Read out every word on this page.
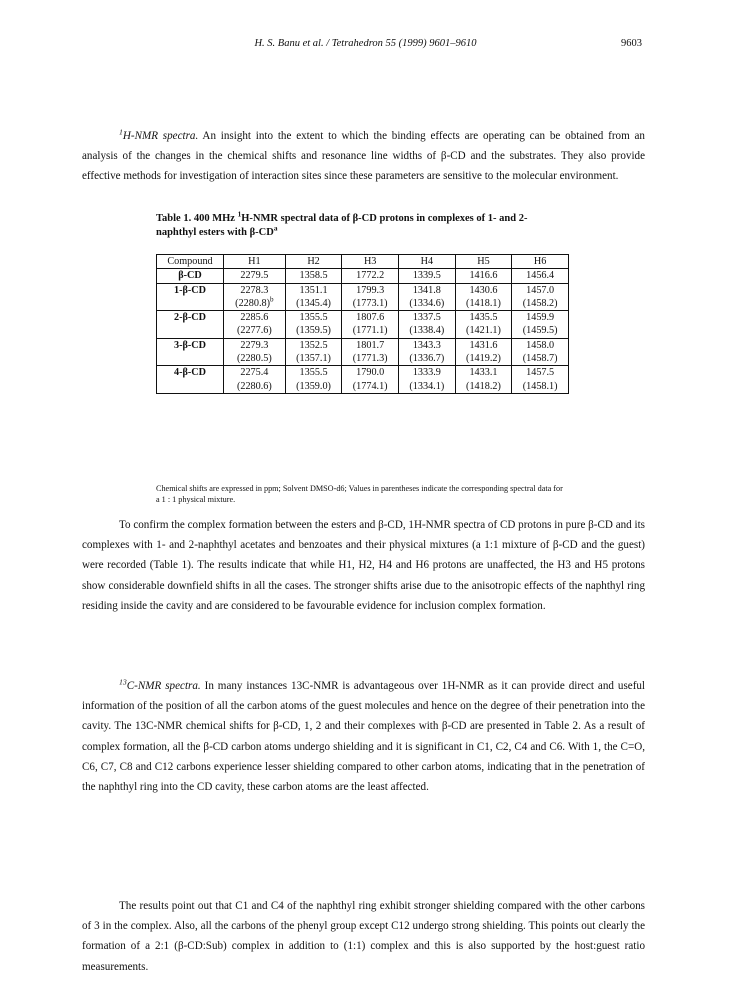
H. S. Banu et al. / Tetrahedron 55 (1999) 9601–9610	9603
$^1$H-NMR spectra. An insight into the extent to which the binding effects are operating can be obtained from an analysis of the changes in the chemical shifts and resonance line widths of β-CD and the substrates. They also provide effective methods for investigation of interaction sites since these parameters are sensitive to the molecular environment.
Table 1. 400 MHz $^1$H-NMR spectral data of β-CD protons in complexes of 1- and 2-naphthyl esters with $\beta-CD^a$
Compound	H1	H2	H3	H4	H5	H6
β-CD	2279.5	1358.5	1772.2	1339.5	1416.6	1456.4
1-β-CD	2278.3	1351.1	1799.3	1341.8	1430.6	1457.0
	$(2280.8)^b$	(1345.4)	(1773.1)	(1334.6)	(1418.1)	(1458.2)
2-β-CD	2285.6	1355.5	1807.6	1337.5	1435.5	1459.9
	(2277.6)	(1359.5)	(1771.1)	(1338.4)	(1421.1)	(1459.5)
3-β-CD	2279.3	1352.5	1801.7	1343.3	1431.6	1458.0
	(2280.5)	(1357.1)	(1771.3)	(1336.7)	(1419.2)	(1458.7)
4-β-CD	2275.4	1355.5	1790.0	1333.9	1433.1	1457.5
	(2280.6)	(1359.0)	(1774.1)	(1334.1)	(1418.2)	(1458.1)
Chemical shifts are expressed in ppm; Solvent DMSO-d6; Values in parentheses indicate the corresponding spectral data for a 1 : 1 physical mixture.
To confirm the complex formation between the esters and β-CD, 1H-NMR spectra of CD protons in pure β-CD and its complexes with 1- and 2-naphthyl acetates and benzoates and their physical mixtures (a 1:1 mixture of β-CD and the guest) were recorded (Table 1). The results indicate that while H1, H2, H4 and H6 protons are unaffected, the H3 and H5 protons show considerable downfield shifts in all the cases. The stronger shifts arise due to the anisotropic effects of the naphthyl ring residing inside the cavity and are considered to be favourable evidence for inclusion complex formation.
$^{13}$C-NMR spectra. In many instances 13C-NMR is advantageous over 1H-NMR as it can provide direct and useful information of the position of all the carbon atoms of the guest molecules and hence on the degree of their penetration into the cavity. The 13C-NMR chemical shifts for β-CD, 1, 2 and their complexes with β-CD are presented in Table 2. As a result of complex formation, all the β-CD carbon atoms undergo shielding and it is significant in C1, C2, C4 and C6. With 1, the C=O, C6, C7, C8 and C12 carbons experience lesser shielding compared to other carbon atoms, indicating that in the penetration of the naphthyl ring into the CD cavity, these carbon atoms are the least affected.
The results point out that C1 and C4 of the naphthyl ring exhibit stronger shielding compared with the other carbons of 3 in the complex. Also, all the carbons of the phenyl group except C12 undergo strong shielding. This points out clearly the formation of a 2:1 (β-CD:Sub) complex in addition to (1:1) complex and this is also supported by the host:guest ratio measurements.
